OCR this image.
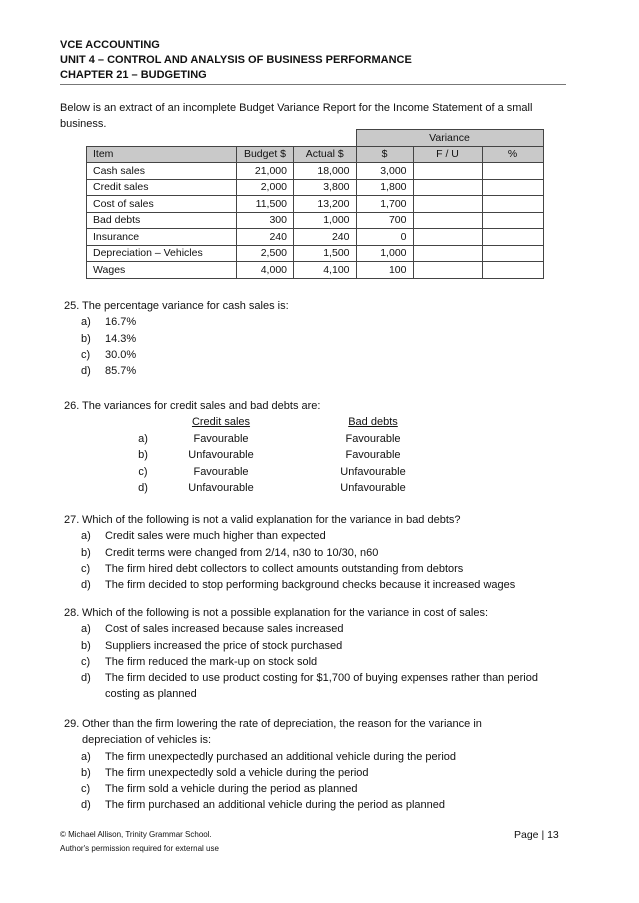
VCE ACCOUNTING
UNIT 4 – CONTROL AND ANALYSIS OF BUSINESS PERFORMANCE
CHAPTER 21 – BUDGETING
Below is an extract of an incomplete Budget Variance Report for the Income Statement of a small business.
			Variance		
Item	Budget $	Actual $	$	F / U	%
Cash sales	21,000	18,000	3,000		
Credit sales	2,000	3,800	1,800		
Cost of sales	11,500	13,200	1,700		
Bad debts	300	1,000	700		
Insurance	240	240	0		
Depreciation – Vehicles	2,500	1,500	1,000		
Wages	4,000	4,100	100		
25. The percentage variance for cash sales is:
a)	16.7%
b)	14.3%
c)	30.0%
d)	85.7%
26. The variances for credit sales and bad debts are:
Credit sales	Bad debts
a)	Favourable	Favourable
b)	Unfavourable	Favourable
c)	Favourable	Unfavourable
d)	Unfavourable	Unfavourable
27. Which of the following is not a valid explanation for the variance in bad debts?
a)	Credit sales were much higher than expected
b)	Credit terms were changed from 2/14, n30 to 10/30, n60
c)	The firm hired debt collectors to collect amounts outstanding from debtors
d)	The firm decided to stop performing background checks because it increased wages
28. Which of the following is not a possible explanation for the variance in cost of sales:
a)	Cost of sales increased because sales increased
b)	Suppliers increased the price of stock purchased
c)	The firm reduced the mark-up on stock sold
d)	The firm decided to use product costing for $1,700 of buying expenses rather than period costing as planned
29. Other than the firm lowering the rate of depreciation, the reason for the variance in depreciation of vehicles is:
a)	The firm unexpectedly purchased an additional vehicle during the period
b)	The firm unexpectedly sold a vehicle during the period
c)	The firm sold a vehicle during the period as planned
d)	The firm purchased an additional vehicle during the period as planned
© Michael Allison, Trinity Grammar School.
Author's permission required for external use
Page | 13
